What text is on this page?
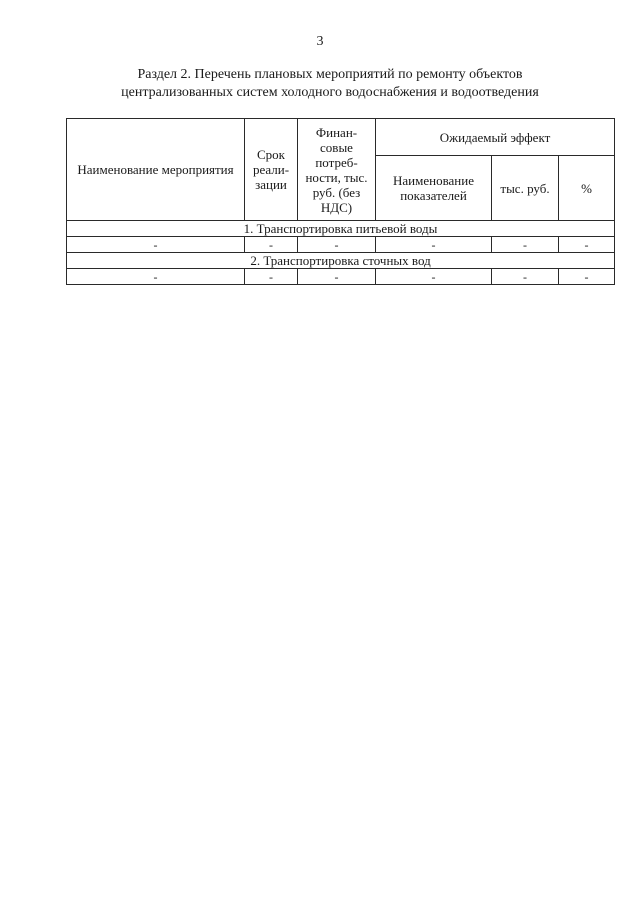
3
Раздел 2. Перечень плановых мероприятий по ремонту объектов
централизованных систем холодного водоснабжения и водоотведения
Наименование мероприятия	Срок реали-зации	Финан-совые потреб-ности, тыс. руб. (без НДС)	Ожидаемый эффект		
			Наименование показателей	тыс. руб.	%
1. Транспортировка питьевой воды					
-	-	-	-	-	-
2. Транспортировка сточных вод					
-	-	-	-	-	-
